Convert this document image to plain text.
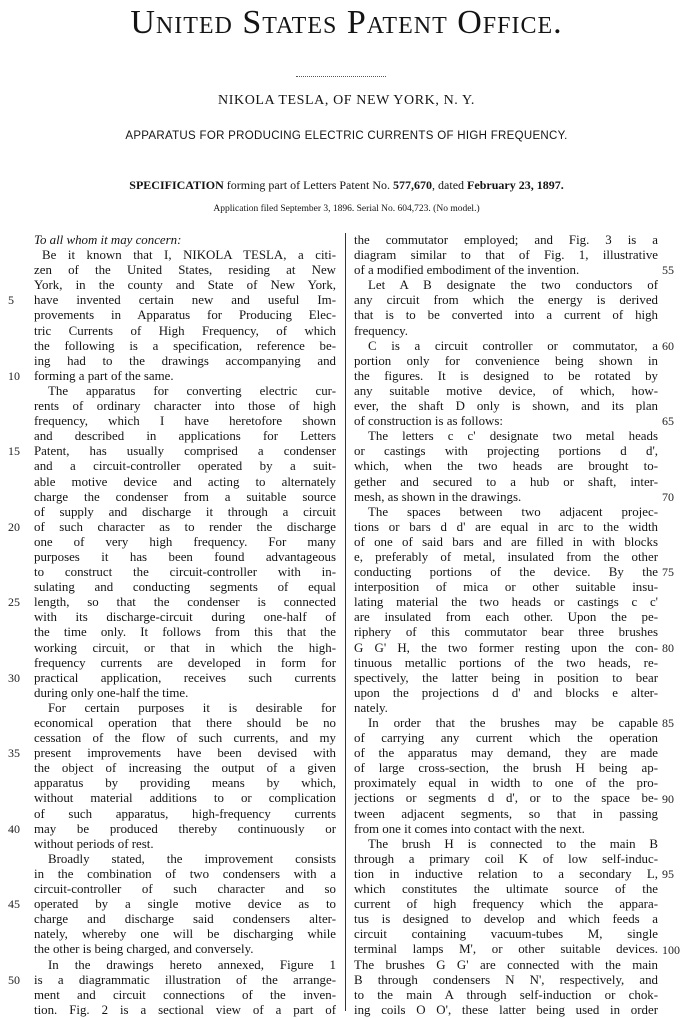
United States Patent Office.
NIKOLA TESLA, OF NEW YORK, N. Y.
APPARATUS FOR PRODUCING ELECTRIC CURRENTS OF HIGH FREQUENCY.
SPECIFICATION forming part of Letters Patent No. 577,670, dated February 23, 1897.
Application filed September 3, 1896. Serial No. 604,723. (No model.)
To all whom it may concern:
Be it known that I, NIKOLA TESLA, a citi-
zen of the United States, residing at New
York, in the county and State of New York,
have invented certain new and useful Im-
provements in Apparatus for Producing Elec-
tric Currents of High Frequency, of which
the following is a specification, reference be-
ing had to the drawings accompanying and
forming a part of the same.
The apparatus for converting electric cur-
rents of ordinary character into those of high
frequency, which I have heretofore shown
and described in applications for Letters
Patent, has usually comprised a condenser
and a circuit-controller operated by a suit-
able motive device and acting to alternately
charge the condenser from a suitable source
of supply and discharge it through a circuit
of such character as to render the discharge
one of very high frequency. For many
purposes it has been found advantageous
to construct the circuit-controller with in-
sulating and conducting segments of equal
length, so that the condenser is connected
with its discharge-circuit during one-half of
the time only. It follows from this that the
working circuit, or that in which the high-
frequency currents are developed in form for
practical application, receives such currents
during only one-half the time.
For certain purposes it is desirable for
economical operation that there should be no
cessation of the flow of such currents, and my
present improvements have been devised with
the object of increasing the output of a given
apparatus by providing means by which,
without material additions to or complication
of such apparatus, high-frequency currents
may be produced thereby continuously or
without periods of rest.
Broadly stated, the improvement consists
in the combination of two condensers with a
circuit-controller of such character and so
operated by a single motive device as to
charge and discharge said condensers alter-
nately, whereby one will be discharging while
the other is being charged, and conversely.
In the drawings hereto annexed, Figure 1
is a diagrammatic illustration of the arrange-
ment and circuit connections of the inven-
tion. Fig. 2 is a sectional view of a part of
the commutator employed; and Fig. 3 is a
diagram similar to that of Fig. 1, illustrative
of a modified embodiment of the invention.
Let A B designate the two conductors of
any circuit from which the energy is derived
that is to be converted into a current of high
frequency.
C is a circuit controller or commutator, a
portion only for convenience being shown in
the figures. It is designed to be rotated by
any suitable motive device, of which, how-
ever, the shaft D only is shown, and its plan
of construction is as follows:
The letters c c' designate two metal heads
or castings with projecting portions d d',
which, when the two heads are brought to-
gether and secured to a hub or shaft, inter-
mesh, as shown in the drawings.
The spaces between two adjacent projec-
tions or bars d d' are equal in arc to the width
of one of said bars and are filled in with blocks
e, preferably of metal, insulated from the other
conducting portions of the device. By the
interposition of mica or other suitable insu-
lating material the two heads or castings c c'
are insulated from each other. Upon the pe-
riphery of this commutator bear three brushes
G G' H, the two former resting upon the con-
tinuous metallic portions of the two heads, re-
spectively, the latter being in position to bear
upon the projections d d' and blocks e alter-
nately.
In order that the brushes may be capable
of carrying any current which the operation
of the apparatus may demand, they are made
of large cross-section, the brush H being ap-
proximately equal in width to one of the pro-
jections or segments d d', or to the space be-
tween adjacent segments, so that in passing
from one it comes into contact with the next.
The brush H is connected to the main B
through a primary coil K of low self-induc-
tion in inductive relation to a secondary L,
which constitutes the ultimate source of the
current of high frequency which the appara-
tus is designed to develop and which feeds a
circuit containing vacuum-tubes M, single
terminal lamps M', or other suitable devices.
The brushes G G' are connected with the main
B through condensers N N', respectively, and
to the main A through self-induction or chok-
ing coils O O', these latter being used in order
5
10
15
20
25
30
35
40
45
50
55
60
65
70
75
80
85
90
95
100
